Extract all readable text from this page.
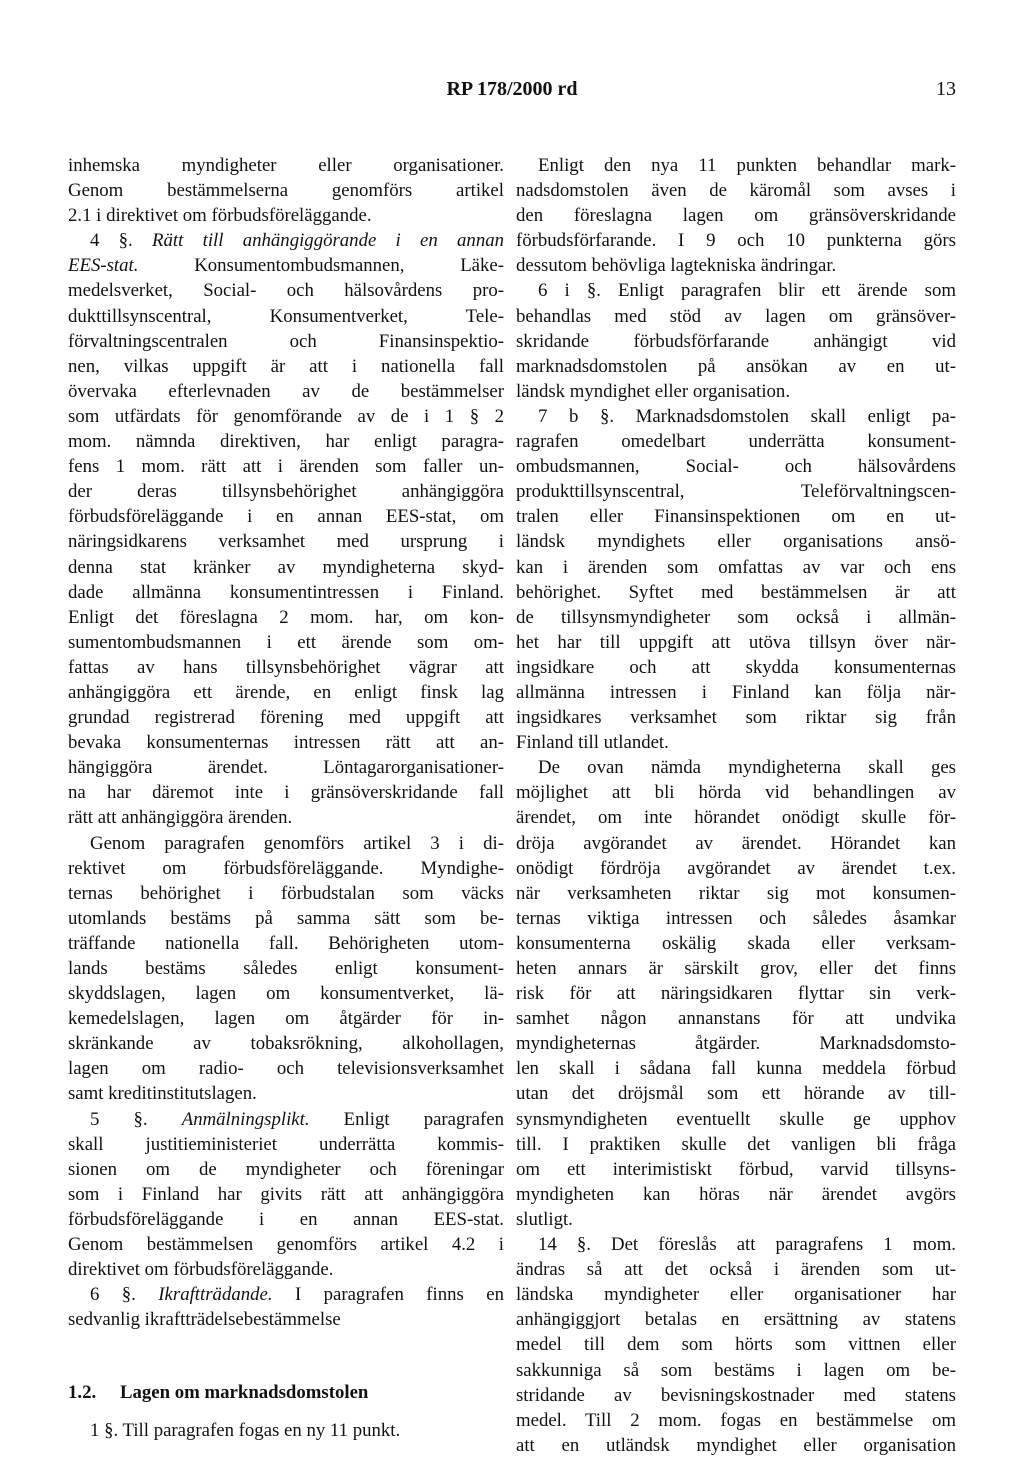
RP 178/2000 rd	13
inhemska myndigheter eller organisationer.
Genom bestämmelserna genomförs artikel
2.1 i direktivet om förbudsföreläggande.
4 §. Rätt till anhängiggörande i en annan
EES-stat.	Konsumentombudsmannen, Läke-
medelsverket, Social- och hälsovårdens pro-
dukttillsynscentral, Konsumentverket, Tele-
förvaltningscentralen och Finansinspektio-
nen, vilkas uppgift är att i nationella fall
övervaka efterlevnaden av de bestämmelser
som utfärdats för genomförande av de i 1 § 2
mom. nämnda direktiven, har enligt paragra-
fens 1 mom. rätt att i ärenden som faller un-
der deras tillsynsbehörighet anhängiggöra
förbudsföreläggande i en annan EES-stat, om
näringsidkarens verksamhet med ursprung i
denna stat kränker av myndigheterna skyd-
dade allmänna konsumentintressen i Finland.
Enligt det föreslagna 2 mom. har, om kon-
sumentombudsmannen i ett ärende som om-
fattas av hans tillsynsbehörighet vägrar att
anhängiggöra ett ärende, en enligt finsk lag
grundad registrerad förening med uppgift att
bevaka konsumenternas intressen rätt att an-
hängiggöra ärendet. Löntagarorganisationer-
na har däremot inte i gränsöverskridande fall
rätt att anhängiggöra ärenden.
Genom paragrafen genomförs artikel 3 i di-
rektivet om förbudsföreläggande. Myndighe-
ternas behörighet i förbudstalan som väcks
utomlands bestäms på samma sätt som be-
träffande nationella fall. Behörigheten utom-
lands bestäms således enligt konsument-
skyddslagen, lagen om konsumentverket, lä-
kemedelslagen, lagen om åtgärder för in-
skränkande av tobaksrökning, alkohollagen,
lagen om radio- och televisionsverksamhet
samt kreditinstitutslagen.
5 §. Anmälningsplikt. Enligt paragrafen
skall justitieministeriet underrätta kommis-
sionen om de myndigheter och föreningar
som i Finland har givits rätt att anhängiggöra
förbudsföreläggande i en annan EES-stat.
Genom bestämmelsen genomförs artikel 4.2 i
direktivet om förbudsföreläggande.
6 §. Ikraftträdande. I paragrafen finns en
sedvanlig ikraftträdelsebestämmelse
1.2. Lagen om marknadsdomstolen
1 §. Till paragrafen fogas en ny 11 punkt.
Enligt den nya 11 punkten behandlar mark-
nadsdomstolen även de käromål som avses i
den föreslagna lagen om gränsöverskridande
förbudsförfarande. I 9 och 10 punkterna görs
dessutom behövliga lagtekniska ändringar.
6 i §. Enligt paragrafen blir ett ärende som
behandlas med stöd av lagen om gränsöver-
skridande förbudsförfarande anhängigt vid
marknadsdomstolen på ansökan av en ut-
ländsk myndighet eller organisation.
7 b §. Marknadsdomstolen skall enligt pa-
ragrafen omedelbart underrätta konsument-
ombudsmannen, Social- och hälsovårdens
produkttillsynscentral, Teleförvaltningscen-
tralen eller Finansinspektionen om en ut-
ländsk myndighets eller organisations ansö-
kan i ärenden som omfattas av var och ens
behörighet. Syftet med bestämmelsen är att
de tillsynsmyndigheter som också i allmän-
het har till uppgift att utöva tillsyn över när-
ingsidkare och att skydda konsumenternas
allmänna intressen i Finland kan följa när-
ingsidkares verksamhet som riktar sig från
Finland till utlandet.
De ovan nämda myndigheterna skall ges
möjlighet att bli hörda vid behandlingen av
ärendet, om inte hörandet onödigt skulle för-
dröja avgörandet av ärendet. Hörandet kan
onödigt fördröja avgörandet av ärendet t.ex.
när verksamheten riktar sig mot konsumen-
ternas viktiga intressen och således åsamkar
konsumenterna oskälig skada eller verksam-
heten annars är särskilt grov, eller det finns
risk för att näringsidkaren flyttar sin verk-
samhet någon annanstans för att undvika
myndigheternas åtgärder. Marknadsdomsto-
len skall i sådana fall kunna meddela förbud
utan det dröjsmål som ett hörande av till-
synsmyndigheten eventuellt skulle ge upphov
till. I praktiken skulle det vanligen bli fråga
om ett interimistiskt förbud, varvid tillsyns-
myndigheten kan höras när ärendet avgörs
slutligt.
14 §. Det föreslås att paragrafens 1 mom.
ändras så att det också i ärenden som ut-
ländska myndigheter eller organisationer har
anhängiggjort betalas en ersättning av statens
medel till dem som hörts som vittnen eller
sakkunniga så som bestäms i lagen om be-
stridande av bevisningskostnader med statens
medel. Till 2 mom. fogas en bestämmelse om
att en utländsk myndighet eller organisation
